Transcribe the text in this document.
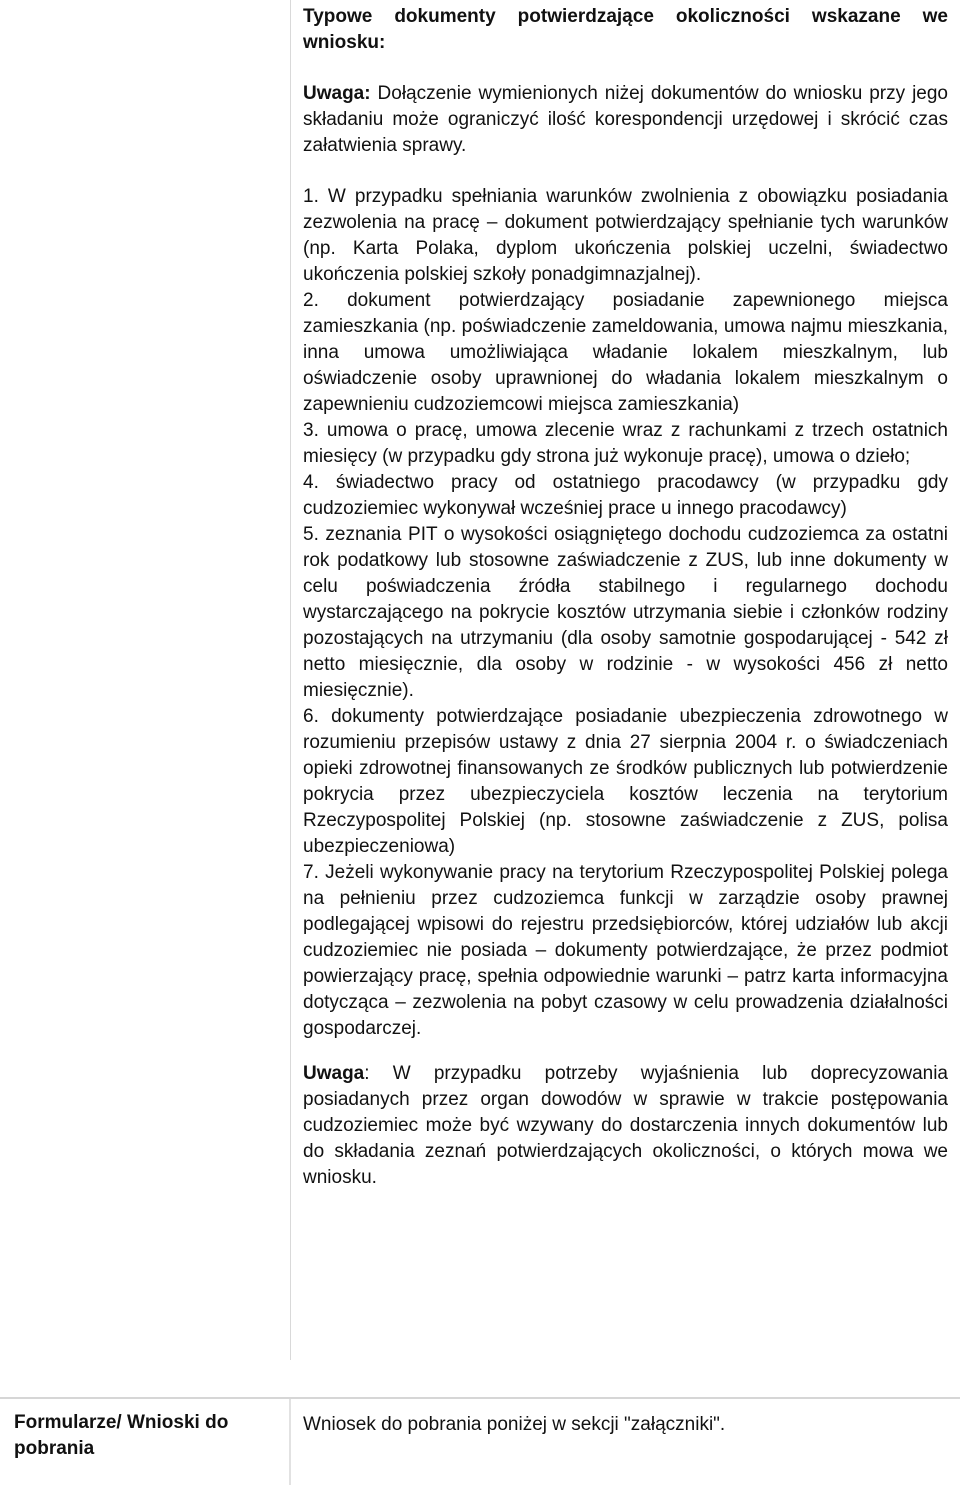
Typowe dokumenty potwierdzające okoliczności wskazane we wniosku:

Uwaga: Dołączenie wymienionych niżej dokumentów do wniosku przy jego składaniu może ograniczyć ilość korespondencji urzędowej i skrócić czas załatwienia sprawy.

1. W przypadku spełniania warunków zwolnienia z obowiązku posiadania zezwolenia na pracę – dokument potwierdzający spełnianie tych warunków (np. Karta Polaka, dyplom ukończenia polskiej uczelni, świadectwo ukończenia polskiej szkoły ponadgimnazjalnej).

2. dokument potwierdzający posiadanie zapewnionego miejsca zamieszkania (np. poświadczenie zameldowania, umowa najmu mieszkania, inna umowa umożliwiająca władanie lokalem mieszkalnym, lub oświadczenie osoby uprawnionej do władania lokalem mieszkalnym o zapewnieniu cudzoziemcowi miejsca zamieszkania)

3. umowa o pracę, umowa zlecenie wraz z rachunkami z trzech ostatnich miesięcy (w przypadku gdy strona już wykonuje pracę), umowa o dzieło;

4. świadectwo pracy od ostatniego pracodawcy (w przypadku gdy cudzoziemiec wykonywał wcześniej prace u innego pracodawcy)

5. zeznania PIT o wysokości osiągniętego dochodu cudzoziemca za ostatni rok podatkowy lub stosowne zaświadczenie z ZUS, lub inne dokumenty w celu poświadczenia źródła stabilnego i regularnego dochodu wystarczającego na pokrycie kosztów utrzymania siebie i członków rodziny pozostających na utrzymaniu (dla osoby samotnie gospodarującej - 542 zł netto miesięcznie, dla osoby w rodzinie - w wysokości 456 zł netto miesięcznie).

6. dokumenty potwierdzające posiadanie ubezpieczenia zdrowotnego w rozumieniu przepisów ustawy z dnia 27 sierpnia 2004 r. o świadczeniach opieki zdrowotnej finansowanych ze środków publicznych lub potwierdzenie pokrycia przez ubezpieczyciela kosztów leczenia na terytorium Rzeczypospolitej Polskiej (np. stosowne zaświadczenie z ZUS, polisa ubezpieczeniowa)

7. Jeżeli wykonywanie pracy na terytorium Rzeczypospolitej Polskiej polega na pełnieniu przez cudzoziemca funkcji w zarządzie osoby prawnej podlegającej wpisowi do rejestru przedsiębiorców, której udziałów lub akcji cudzoziemiec nie posiada – dokumenty potwierdzające, że przez podmiot powierzający pracę, spełnia odpowiednie warunki – patrz karta informacyjna dotycząca – zezwolenia na pobyt czasowy w celu prowadzenia działalności gospodarczej.

Uwaga: W przypadku potrzeby wyjaśnienia lub doprecyzowania posiadanych przez organ dowodów w sprawie w trakcie postępowania cudzoziemiec może być wzywany do dostarczenia innych dokumentów lub do składania zeznań potwierdzających okoliczności, o których mowa we wniosku.

Formularze/ Wnioski do pobrania
Wniosek do pobrania poniżej w sekcji "załączniki".
